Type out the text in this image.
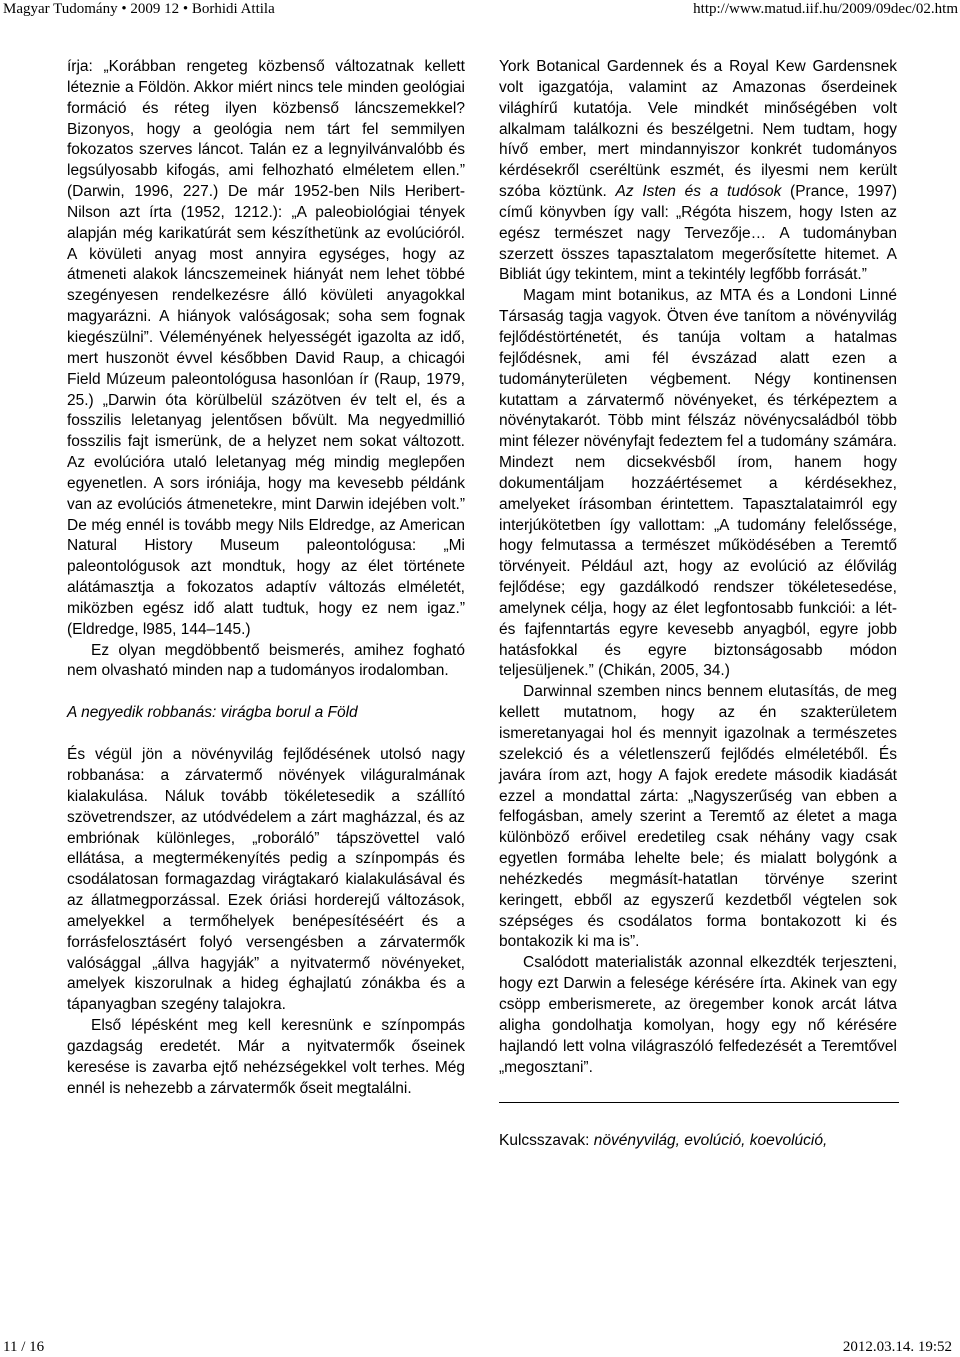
Magyar Tudomány • 2009 12 • Borhidi Attila	http://www.matud.iif.hu/2009/09dec/02.htm

írja: „Korábban rengeteg közbenső változatnak kellett léteznie a Földön. Akkor miért nincs tele minden geológiai formáció és réteg ilyen közbenső láncszemekkel? Bizonyos, hogy a geológia nem tárt fel semmilyen fokozatos szerves láncot. Talán ez a legnyilvánvalóbb és legsúlyosabb kifogás, ami felhozható elméletem ellen.” (Darwin, 1996, 227.) De már 1952-ben Nils Heribert-Nilson azt írta (1952, 1212.): „A paleobiológiai tények alapján még karikatúrát sem készíthetünk az evolúcióról. A kövületi anyag most annyira egységes, hogy az átmeneti alakok láncszemeinek hiányát nem lehet többé szegényesen rendelkezésre álló kövületi anyagokkal magyarázni. A hiányok valóságosak; soha sem fognak kiegészülni”. Véleményének helyességét igazolta az idő, mert huszonöt évvel későbben David Raup, a chicagói Field Múzeum paleontológusa hasonlóan ír (Raup, 1979, 25.) „Darwin óta körülbelül százötven év telt el, és a fosszilis leletanyag jelentősen bővült. Ma negyedmillió fosszilis fajt ismerünk, de a helyzet nem sokat változott. Az evolúcióra utaló leletanyag még mindig meglepően egyenetlen. A sors iróniája, hogy ma kevesebb példánk van az evolúciós átmenetekre, mint Darwin idejében volt.” De még ennél is tovább megy Nils Eldredge, az American Natural History Museum paleontológusa: „Mi paleontológusok azt mondtuk, hogy az élet története alátámasztja a fokozatos adaptív változás elméletét, miközben egész idő alatt tudtuk, hogy ez nem igaz.” (Eldredge, l985, 144–145.)

Ez olyan megdöbbentő beismerés, amihez fogható nem olvasható minden nap a tudományos irodalomban.

A negyedik robbanás: virágba borul a Föld

És végül jön a növényvilág fejlődésének utolsó nagy robbanása: a zárvatermő növények világuralmának kialakulása. Náluk tovább tökéletesedik a szállító szövetrendszer, az utódvédelem a zárt magházzal, és az embriónak különleges, „roboráló” tápszövettel való ellátása, a megtermékenyítés pedig a színpompás és csodálatosan formagazdag virágtakaró kialakulásával és az állatmegporzással. Ezek óriási horderejű változások, amelyekkel a termőhelyek benépesítéséért és a forrásfelosztásért folyó versengésben a zárvatermők valósággal „állva hagyják” a nyitvatermő növényeket, amelyek kiszorulnak a hideg éghajlatú zónákba és a tápanyagban szegény talajokra.

Első lépésként meg kell keresnünk e színpompás gazdagság eredetét. Már a nyitvatermők őseinek keresése is zavarba ejtő nehézségekkel volt terhes. Még ennél is nehezebb a zárvatermők őseit megtalálni.

York Botanical Gardennek és a Royal Kew Gardensnek volt igazgatója, valamint az Amazonas őserdeinek világhírű kutatója. Vele mindkét minőségében volt alkalmam találkozni és beszélgetni. Nem tudtam, hogy hívő ember, mert mindannyiszor konkrét tudományos kérdésekről cseréltünk eszmét, és ilyesmi nem került szóba köztünk. Az Isten és a tudósok (Prance, 1997) című könyvben így vall: „Régóta hiszem, hogy Isten az egész természet nagy Tervezője… A tudományban szerzett összes tapasztalatom megerősítette hitemet. A Bibliát úgy tekintem, mint a tekintély legfőbb forrását.”

Magam mint botanikus, az MTA és a Londoni Linné Társaság tagja vagyok. Ötven éve tanítom a növényvilág fejlődéstörténetét, és tanúja voltam a hatalmas fejlődésnek, ami fél évszázad alatt ezen a tudományterületen végbement. Négy kontinensen kutattam a zárvatermő növényeket, és térképeztem a növénytakarót. Több mint félszáz növénycsaládból több mint félezer növényfajt fedeztem fel a tudomány számára. Mindezt nem dicsekvésből írom, hanem hogy dokumentáljam hozzáértésemet a kérdésekhez, amelyeket írásomban érintettem. Tapasztalataimról egy interjúkötetben így vallottam: „A tudomány felelőssége, hogy felmutassa a természet működésében a Teremtő törvényeit. Például azt, hogy az evolúció az élővilág fejlődése; egy gazdálkodó rendszer tökéletesedése, amelynek célja, hogy az élet legfontosabb funkciói: a lét- és fajfenntartás egyre kevesebb anyagból, egyre jobb hatásfokkal és egyre biztonságosabb módon teljesüljenek.” (Chikán, 2005, 34.)

Darwinnal szemben nincs bennem elutasítás, de meg kellett mutatnom, hogy az én szakterületem ismeretanyagai hol és mennyit igazolnak a természetes szelekció és a véletlenszerű fejlődés elméletéből. És javára írom azt, hogy A fajok eredete második kiadását ezzel a mondattal zárta: „Nagyszerűség van ebben a felfogásban, amely szerint a Teremtő az életet a maga különböző erőivel eredetileg csak néhány vagy csak egyetlen formába lehelte bele; és mialatt bolygónk a nehézkedés megmásít-hatatlan törvénye szerint keringett, ebből az egyszerű kezdetből végtelen sok szépséges és csodálatos forma bontakozott ki és bontakozik ki ma is”.

Csalódott materialisták azonnal elkezdték terjeszteni, hogy ezt Darwin a felesége kérésére írta. Akinek van egy csöpp emberismerete, az öregember konok arcát látva aligha gondolhatja komolyan, hogy egy nő kérésére hajlandó lett volna világraszóló felfedezését a Teremtővel „megosztani”.

Kulcsszavak: növényvilág, evolúció, koevolúció,

11 / 16	2012.03.14. 19:52
